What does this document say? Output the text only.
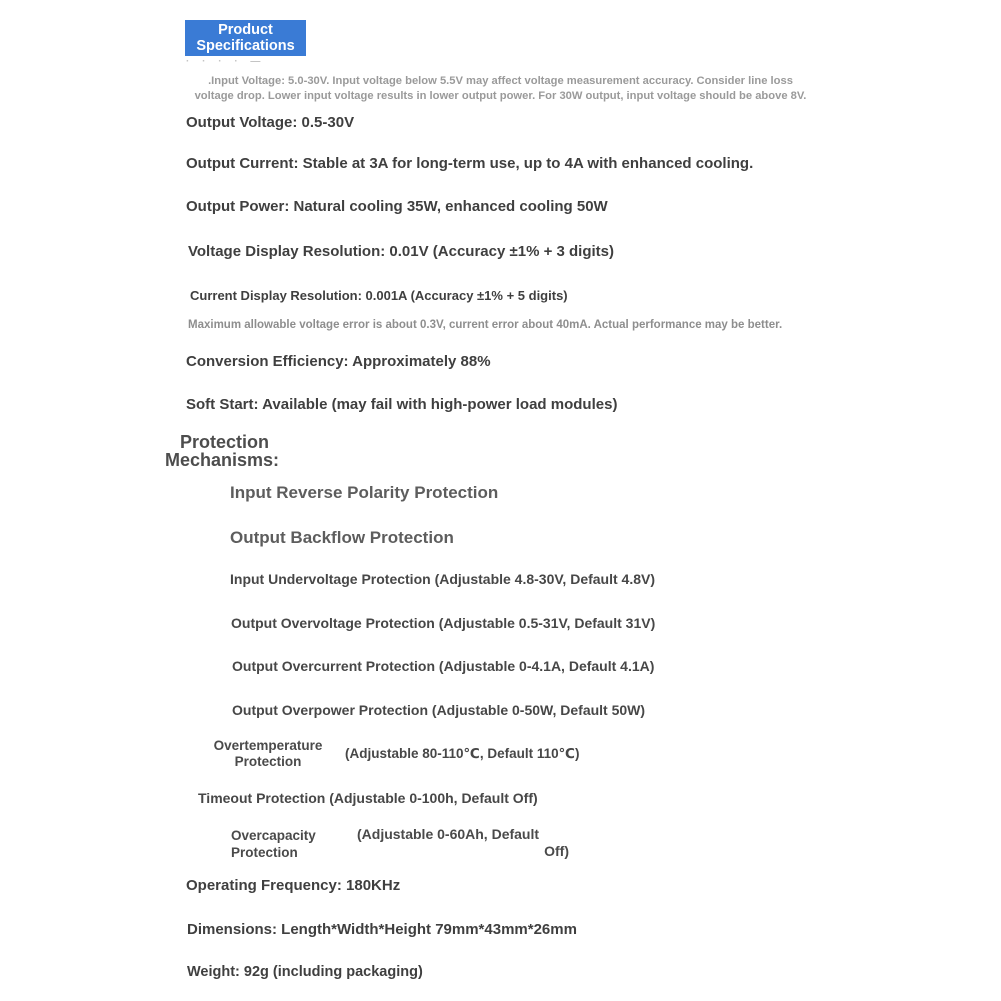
Product
Specifications
· · · · —
.Input Voltage: 5.0-30V. Input voltage below 5.5V may affect voltage measurement accuracy. Consider line loss
voltage drop. Lower input voltage results in lower output power. For 30W output, input voltage should be above 8V.
Output Voltage: 0.5-30V
Output Current: Stable at 3A for long-term use, up to 4A with enhanced cooling.
Output Power: Natural cooling 35W, enhanced cooling 50W
Voltage Display Resolution: 0.01V (Accuracy ±1% + 3 digits)
Current Display Resolution: 0.001A (Accuracy ±1% + 5 digits)
Maximum allowable voltage error is about 0.3V, current error about 40mA. Actual performance may be better.
Conversion Efficiency: Approximately 88%
Soft Start: Available (may fail with high-power load modules)
Protection
Mechanisms:
Input Reverse Polarity Protection
Output Backflow Protection
Input Undervoltage Protection (Adjustable 4.8-30V, Default 4.8V)
Output Overvoltage Protection (Adjustable 0.5-31V, Default 31V)
Output Overcurrent Protection (Adjustable 0-4.1A, Default 4.1A)
Output Overpower Protection (Adjustable 0-50W, Default 50W)
Overtemperature
Protection
(Adjustable 80-110℃, Default 110℃)
Timeout Protection (Adjustable 0-100h, Default Off)
Overcapacity
Protection
(Adjustable 0-60Ah, Default
Off)
Operating Frequency: 180KHz
Dimensions: Length*Width*Height 79mm*43mm*26mm
Weight: 92g (including packaging)
